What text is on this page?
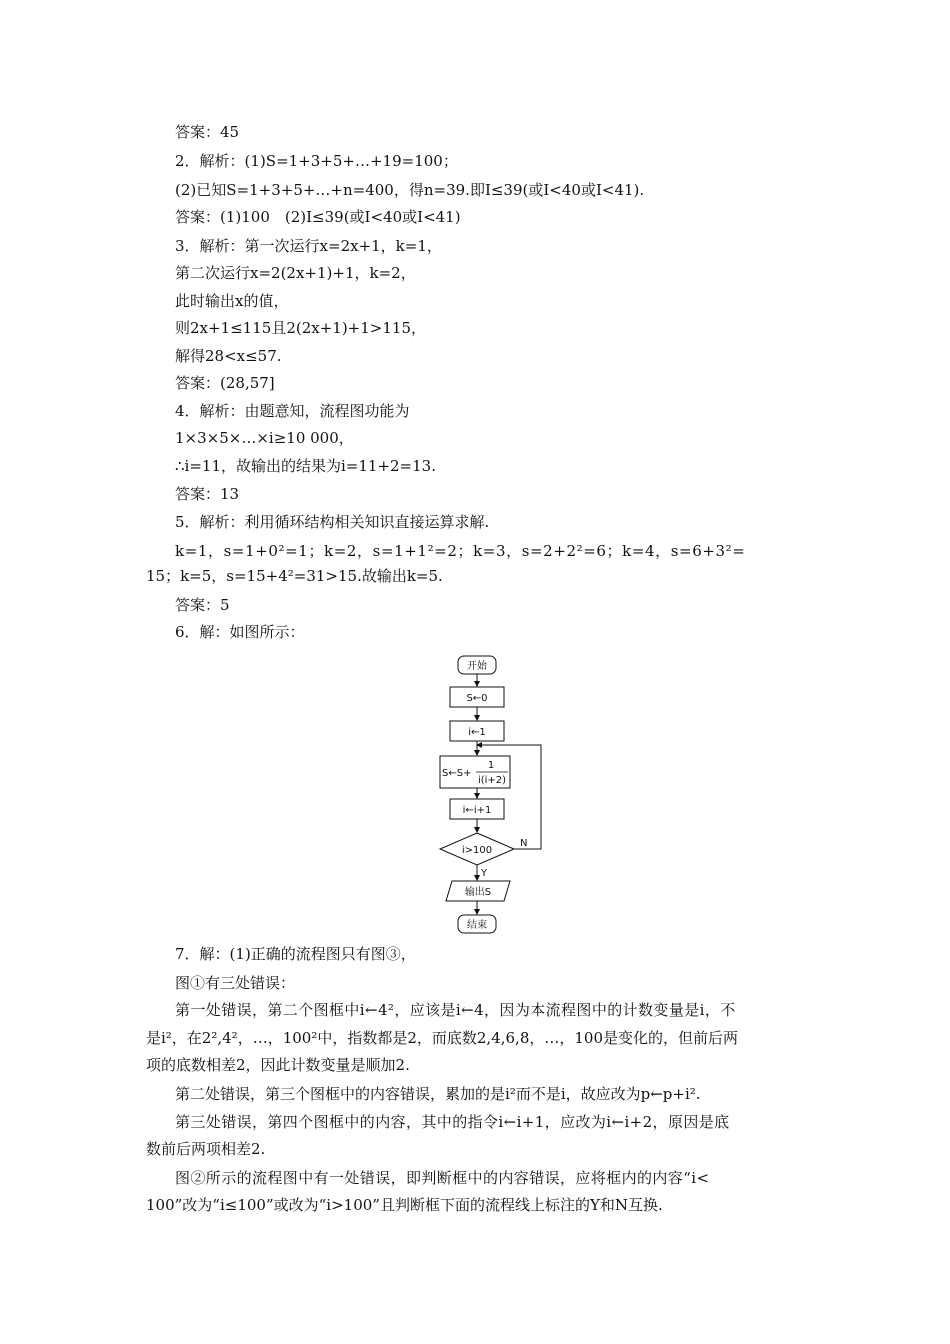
答案：45
2．解析：(1)S=1+3+5+…+19=100；
(2)已知S=1+3+5+…+n=400，得n=39.即I≤39(或I<40或I<41).
答案：(1)100　(2)I≤39(或I<40或I<41)
3．解析：第一次运行x=2x+1，k=1，
第二次运行x=2(2x+1)+1，k=2，
此时输出x的值，
则2x+1≤115且2(2x+1)+1>115，
解得28<x≤57.
答案：(28,57]
4．解析：由题意知，流程图功能为
1×3×5×…×i≥10 000，
∴i=11，故输出的结果为i=11+2=13.
答案：13
5．解析：利用循环结构相关知识直接运算求解.
k=1，s=1+0²=1；k=2，s=1+1²=2；k=3，s=2+2²=6；k=4，s=6+3²=
15；k=5，s=15+4²=31>15.故输出k=5.
答案：5
6．解：如图所示：
开始
S←0
i←1
S←S+
1
i(i+2)
i←i+1
i>100
N
Y
输出S
结束
7．解：(1)正确的流程图只有图③，
图①有三处错误：
第一处错误，第二个图框中i←4²，应该是i←4，因为本流程图中的计数变量是i，不
是i²，在2²,4²，…，100²中，指数都是2，而底数2,4,6,8，…，100是变化的，但前后两
项的底数相差2，因此计数变量是顺加2.
第二处错误，第三个图框中的内容错误，累加的是i²而不是i，故应改为p←p+i².
第三处错误，第四个图框中的内容，其中的指令i←i+1，应改为i←i+2，原因是底
数前后两项相差2.
图②所示的流程图中有一处错误，即判断框中的内容错误，应将框内的内容“i<
100”改为“i≤100”或改为“i>100”且判断框下面的流程线上标注的Y和N互换.
